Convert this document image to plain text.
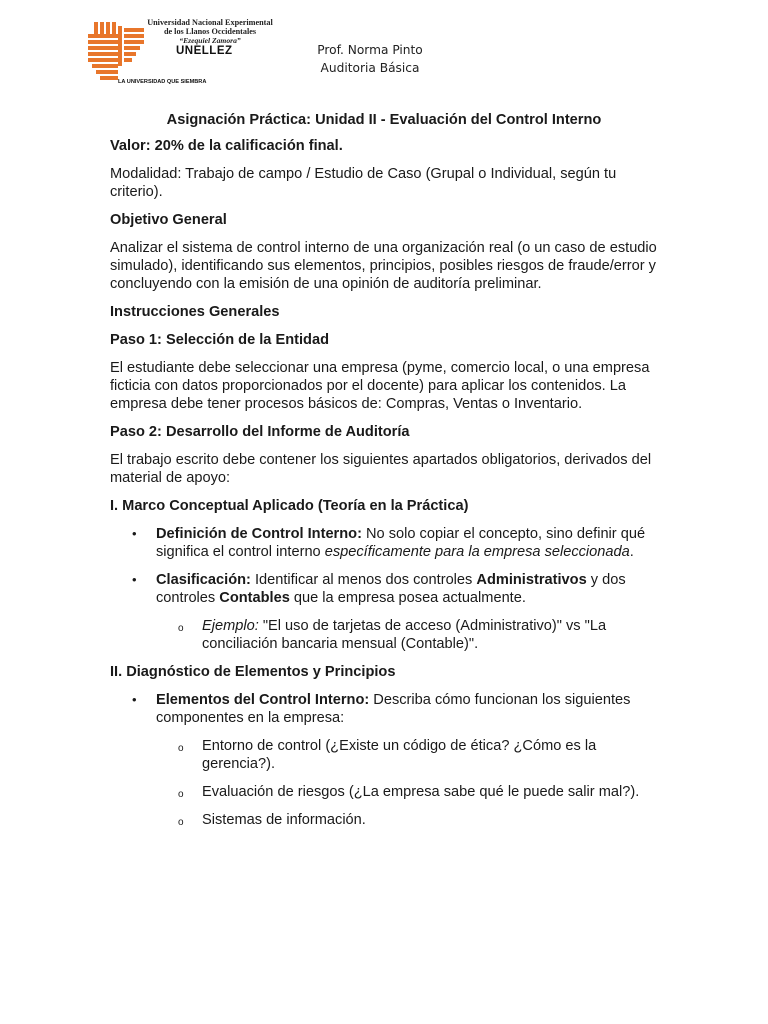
Universidad Nacional Experimental
de los Llanos Occidentales
“Ezequiel Zamora”
UNELLEZ
LA UNIVERSIDAD QUE SIEMBRA
Prof. Norma Pinto
Auditoria Básica
Asignación Práctica: Unidad II - Evaluación del Control Interno

Valor: 20% de la calificación final.

Modalidad: Trabajo de campo / Estudio de Caso (Grupal o Individual, según tu criterio).

Objetivo General

Analizar el sistema de control interno de una organización real (o un caso de estudio simulado), identificando sus elementos, principios, posibles riesgos de fraude/error y concluyendo con la emisión de una opinión de auditoría preliminar.

Instrucciones Generales
Paso 1: Selección de la Entidad

El estudiante debe seleccionar una empresa (pyme, comercio local, o una empresa ficticia con datos proporcionados por el docente) para aplicar los contenidos. La empresa debe tener procesos básicos de: Compras, Ventas o Inventario.

Paso 2: Desarrollo del Informe de Auditoría

El trabajo escrito debe contener los siguientes apartados obligatorios, derivados del material de apoyo:

I. Marco Conceptual Aplicado (Teoría en la Práctica)
• Definición de Control Interno: No solo copiar el concepto, sino definir qué significa el control interno específicamente para la empresa seleccionada.
• Clasificación: Identificar al menos dos controles Administrativos y dos controles Contables que la empresa posea actualmente.
o Ejemplo: "El uso de tarjetas de acceso (Administrativo)" vs "La conciliación bancaria mensual (Contable)".
II. Diagnóstico de Elementos y Principios
• Elementos del Control Interno: Describa cómo funcionan los siguientes componentes en la empresa:
o Entorno de control (¿Existe un código de ética? ¿Cómo es la gerencia?).
o Evaluación de riesgos (¿La empresa sabe qué le puede salir mal?).
o Sistemas de información.
